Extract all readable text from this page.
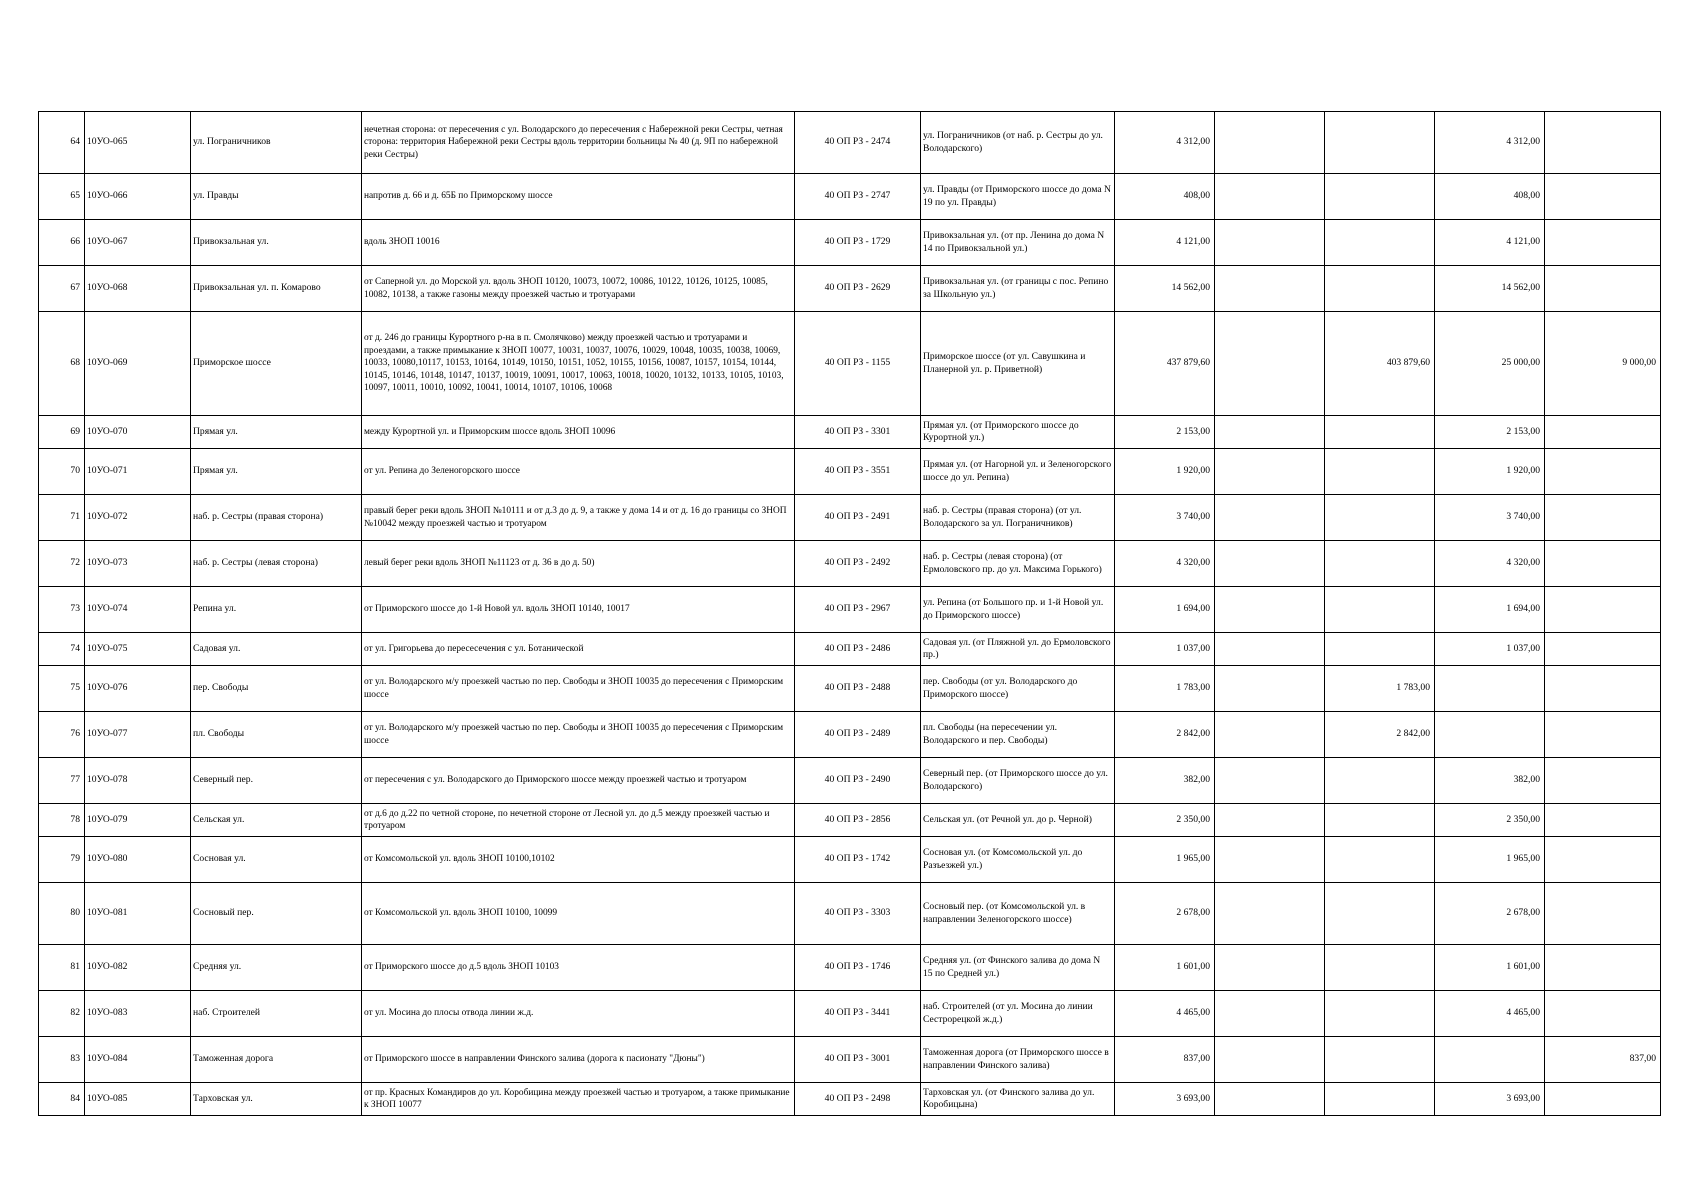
64	10УО-065	ул. Пограничников	нечетная сторона: от пересечения с ул. Володарского до пересечения с Набережной реки Сестры, четная сторона: территория Набережной реки Сестры вдоль территории больницы № 40 (д. 9П по набережной реки Сестры)	40 ОП РЗ - 2474	ул. Пограничников (от наб. р. Сестры до ул. Володарского)	4 312,00			4 312,00	
65	10УО-066	ул. Правды	напротив д. 66 и д. 65Б по Приморскому шоссе	40 ОП РЗ - 2747	ул. Правды (от Приморского шоссе до дома N 19 по ул. Правды)	408,00			408,00	
66	10УО-067	Привокзальная ул.	вдоль ЗНОП 10016	40 ОП РЗ - 1729	Привокзальная ул. (от пр. Ленина до дома N 14 по Привокзальной ул.)	4 121,00			4 121,00	
67	10УО-068	Привокзальная ул. п. Комарово	от Саперной ул. до Морской ул. вдоль ЗНОП 10120, 10073, 10072, 10086, 10122, 10126, 10125, 10085, 10082, 10138, а также газоны между проезжей частью и тротуарами	40 ОП РЗ - 2629	Привокзальная ул. (от границы с пос. Репино за Школьную ул.)	14 562,00			14 562,00	
68	10УО-069	Приморское шоссе	от д. 246 до границы Курортного р-на в п. Смолячково) между проезжей частью и тротуарами и проездами, а также примыкание к ЗНОП 10077, 10031, 10037, 10076, 10029, 10048, 10035, 10038, 10069, 10033, 10080,10117, 10153, 10164, 10149, 10150, 10151, 1052, 10155, 10156, 10087, 10157, 10154, 10144, 10145, 10146, 10148, 10147, 10137, 10019, 10091, 10017, 10063, 10018, 10020, 10132, 10133, 10105, 10103, 10097, 10011, 10010, 10092, 10041, 10014, 10107, 10106, 10068	40 ОП РЗ - 1155	Приморское шоссе (от ул. Савушкина и Планерной ул. р. Приветной)	437 879,60		403 879,60	25 000,00	9 000,00
69	10УО-070	Прямая ул.	между Курортной ул. и Приморским шоссе вдоль ЗНОП 10096	40 ОП РЗ - 3301	Прямая ул. (от Приморского шоссе до Курортной ул.)	2 153,00			2 153,00	
70	10УО-071	Прямая ул.	от ул. Репина до Зеленогорского шоссе	40 ОП РЗ - 3551	Прямая ул. (от Нагорной ул. и Зеленогорского шоссе до ул. Репина)	1 920,00			1 920,00	
71	10УО-072	наб. р. Сестры (правая сторона)	правый берег реки вдоль ЗНОП №10111 и от д.3 до д. 9, а также у дома 14 и от д. 16 до границы со ЗНОП №10042 между проезжей частью и тротуаром	40 ОП РЗ - 2491	наб. р. Сестры (правая сторона) (от ул. Володарского за ул. Пограничников)	3 740,00			3 740,00	
72	10УО-073	наб. р. Сестры (левая сторона)	левый берег реки вдоль ЗНОП №11123 от д. 36 в до д. 50)	40 ОП РЗ - 2492	наб. р. Сестры (левая сторона) (от Ермоловского пр. до ул. Максима Горького)	4 320,00			4 320,00	
73	10УО-074	Репина ул.	от Приморского шоссе до 1-й Новой ул. вдоль ЗНОП 10140, 10017	40 ОП РЗ - 2967	ул. Репина (от Большого пр. и 1-й Новой ул. до Приморского шоссе)	1 694,00			1 694,00	
74	10УО-075	Садовая ул.	от ул. Григорьева до пересесечения с ул. Ботанической	40 ОП РЗ - 2486	Садовая ул. (от Пляжной ул. до Ермоловского пр.)	1 037,00			1 037,00	
75	10УО-076	пер. Свободы	от ул. Володарского м/у проезжей частью по пер. Свободы и ЗНОП 10035 до пересечения с Приморским шоссе	40 ОП РЗ - 2488	пер. Свободы (от ул. Володарского до Приморского шоссе)	1 783,00		1 783,00		
76	10УО-077	пл. Свободы	от ул. Володарского м/у проезжей частью по пер. Свободы и ЗНОП 10035 до пересечения с Приморским шоссе	40 ОП РЗ - 2489	пл. Свободы (на пересечении ул. Володарского и пер. Свободы)	2 842,00		2 842,00		
77	10УО-078	Северный пер.	от пересечения с ул. Володарского до Приморского шоссе между проезжей частью и тротуаром	40 ОП РЗ - 2490	Северный пер. (от Приморского шоссе до ул. Володарского)	382,00			382,00	
78	10УО-079	Сельская ул.	от д.6 до д.22 по четной стороне, по нечетной стороне от Лесной ул. до д.5 между проезжей частью и тротуаром	40 ОП РЗ - 2856	Сельская ул. (от Речной ул. до р. Черной)	2 350,00			2 350,00	
79	10УО-080	Сосновая ул.	от Комсомольской ул. вдоль ЗНОП 10100,10102	40 ОП РЗ - 1742	Сосновая ул. (от Комсомольской ул. до Разъезжей ул.)	1 965,00			1 965,00	
80	10УО-081	Сосновый пер.	от Комсомольской ул. вдоль ЗНОП 10100, 10099	40 ОП РЗ - 3303	Сосновый пер. (от Комсомольской ул. в направлении Зеленогорского шоссе)	2 678,00			2 678,00	
81	10УО-082	Средняя ул.	от Приморского шоссе до д.5 вдоль ЗНОП 10103	40 ОП РЗ - 1746	Средняя ул. (от Финского залива до дома N 15 по Средней ул.)	1 601,00			1 601,00	
82	10УО-083	наб. Строителей	от ул. Мосина до плосы отвода линии ж.д.	40 ОП РЗ - 3441	наб. Строителей (от ул. Мосина до линии Сестрорецкой ж.д.)	4 465,00			4 465,00	
83	10УО-084	Таможенная дорога	от Приморского шоссе в направлении Финского залива (дорога к пасионату "Дюны")	40 ОП РЗ - 3001	Таможенная дорога (от Приморского шоссе в направлении Финского залива)	837,00				837,00
84	10УО-085	Тарховская ул.	от пр. Красных Командиров до ул. Коробицина между проезжей частью и тротуаром, а также примыкание к ЗНОП 10077	40 ОП РЗ - 2498	Тарховская ул. (от Финского залива до ул. Коробицына)	3 693,00			3 693,00	
